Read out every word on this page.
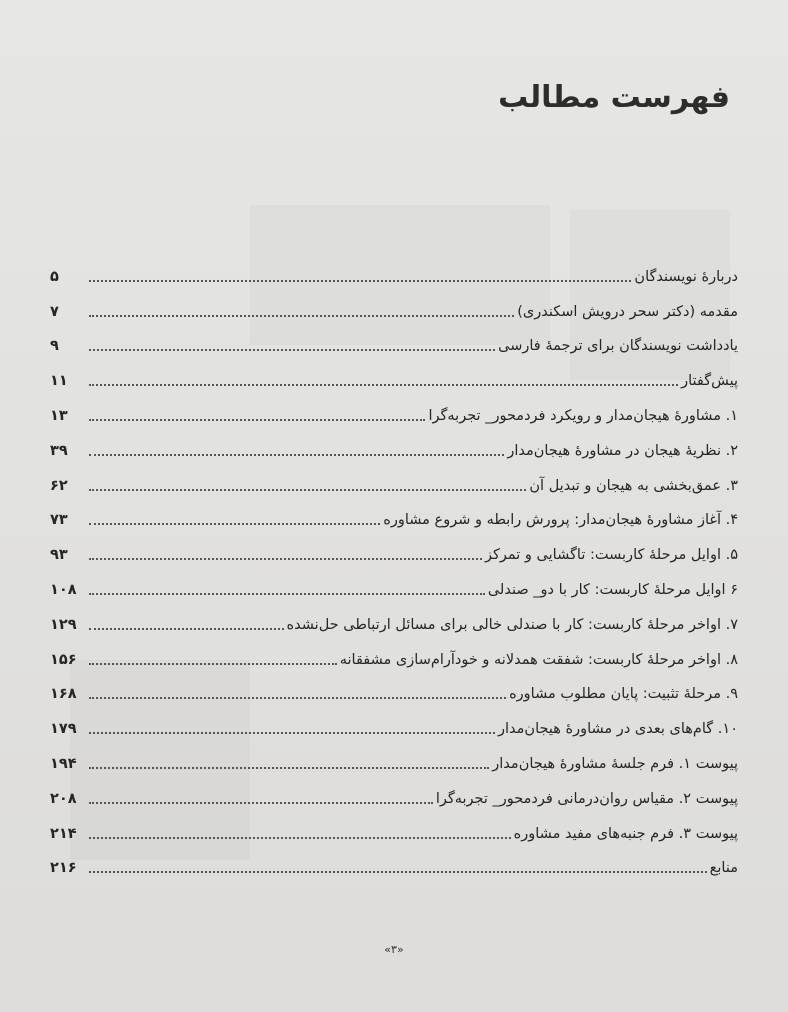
فهرست مطالب
دربارهٔ نویسندگان
۵
مقدمه (دکتر سحر درویش اسکندری)
۷
یادداشت نویسندگان برای ترجمهٔ فارسی
۹
پیش‌گفتار
۱۱
۱. مشاورهٔ هیجان‌مدار و رویکرد فردمحور_ تجربه‌گرا
۱۳
۲. نظریهٔ هیجان در مشاورهٔ هیجان‌مدار
۳۹
۳. عمق‌بخشی به هیجان و تبدیل آن
۶۲
۴. آغاز مشاورهٔ هیجان‌مدار: پرورش رابطه و شروع مشاوره
۷۳
۵. اوایل مرحلهٔ کاربست: تاگشایی و تمرکز
۹۳
۶ اوایل مرحلهٔ کاربست: کار با دو_ صندلی
۱۰۸
۷. اواخر مرحلهٔ کاربست: کار با صندلی خالی برای مسائل ارتباطی حل‌نشده
۱۲۹
۸. اواخر مرحلهٔ کاربست: شفقت همدلانه و خودآرام‌سازی مشفقانه
۱۵۶
۹. مرحلهٔ تثبیت: پایان مطلوب مشاوره
۱۶۸
۱۰. گام‌های بعدی در مشاورهٔ هیجان‌مدار
۱۷۹
پیوست ۱. فرم جلسهٔ مشاورهٔ هیجان‌مدار
۱۹۴
پیوست ۲. مقیاس روان‌درمانی فردمحور_ تجربه‌گرا
۲۰۸
پیوست ۳. فرم جنبه‌های مفید مشاوره
۲۱۴
منابع
۲۱۶
«۳»
